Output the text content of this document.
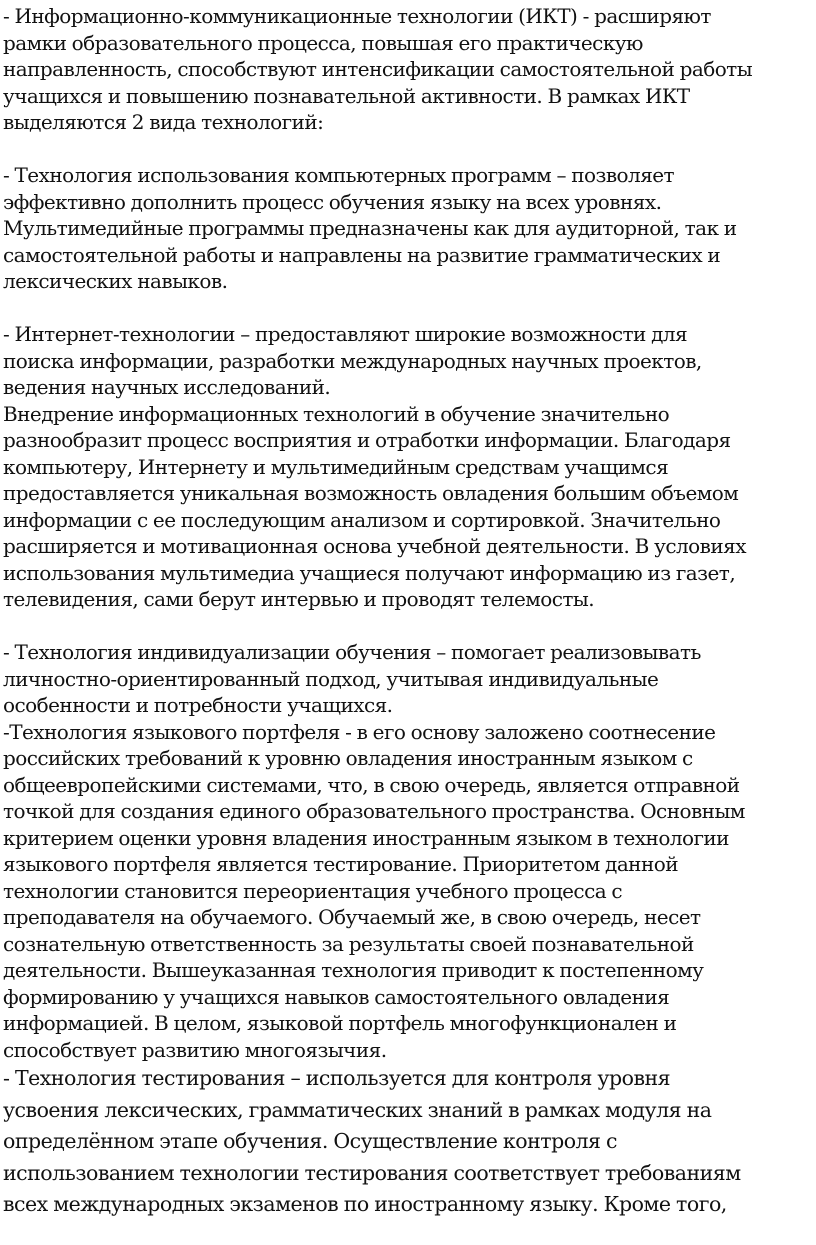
- Информационно-коммуникационные технологии (ИКТ) - расширяют
рамки образовательного процесса, повышая его практическую
направленность, способствуют интенсификации самостоятельной работы
учащихся и повышению познавательной активности. В рамках ИКТ
выделяются 2 вида технологий:
- Технология использования компьютерных программ – позволяет
эффективно дополнить процесс обучения языку на всех уровнях.
Мультимедийные программы предназначены как для аудиторной, так и
самостоятельной работы и направлены на развитие грамматических и
лексических навыков.
- Интернет-технологии – предоставляют широкие возможности для
поиска информации, разработки международных научных проектов,
ведения научных исследований.
Внедрение информационных технологий в обучение значительно
разнообразит процесс восприятия и отработки информации. Благодаря
компьютеру, Интернету и мультимедийным средствам учащимся
предоставляется уникальная возможность овладения большим объемом
информации с ее последующим анализом и сортировкой. Значительно
расширяется и мотивационная основа учебной деятельности. В условиях
использования мультимедиа учащиеся получают информацию из газет,
телевидения, сами берут интервью и проводят телемосты.
- Технология индивидуализации обучения – помогает реализовывать
личностно-ориентированный подход, учитывая индивидуальные
особенности и потребности учащихся.
-Технология языкового портфеля - в его основу заложено соотнесение
российских требований к уровню овладения иностранным языком с
общеевропейскими системами, что, в свою очередь, является отправной
точкой для создания единого образовательного пространства. Основным
критерием оценки уровня владения иностранным языком в технологии
языкового портфеля является тестирование. Приоритетом данной
технологии становится переориентация учебного процесса с
преподавателя на обучаемого. Обучаемый же, в свою очередь, несет
сознательную ответственность за результаты своей познавательной
деятельности. Вышеуказанная технология приводит к постепенному
формированию у учащихся навыков самостоятельного овладения
информацией. В целом, языковой портфель многофункционален и
способствует развитию многоязычия.
- Технология тестирования – используется для контроля уровня
усвоения лексических, грамматических знаний в рамках модуля на
определённом этапе обучения. Осуществление контроля с
использованием технологии тестирования соответствует требованиям
всех международных экзаменов по иностранному языку. Кроме того,
